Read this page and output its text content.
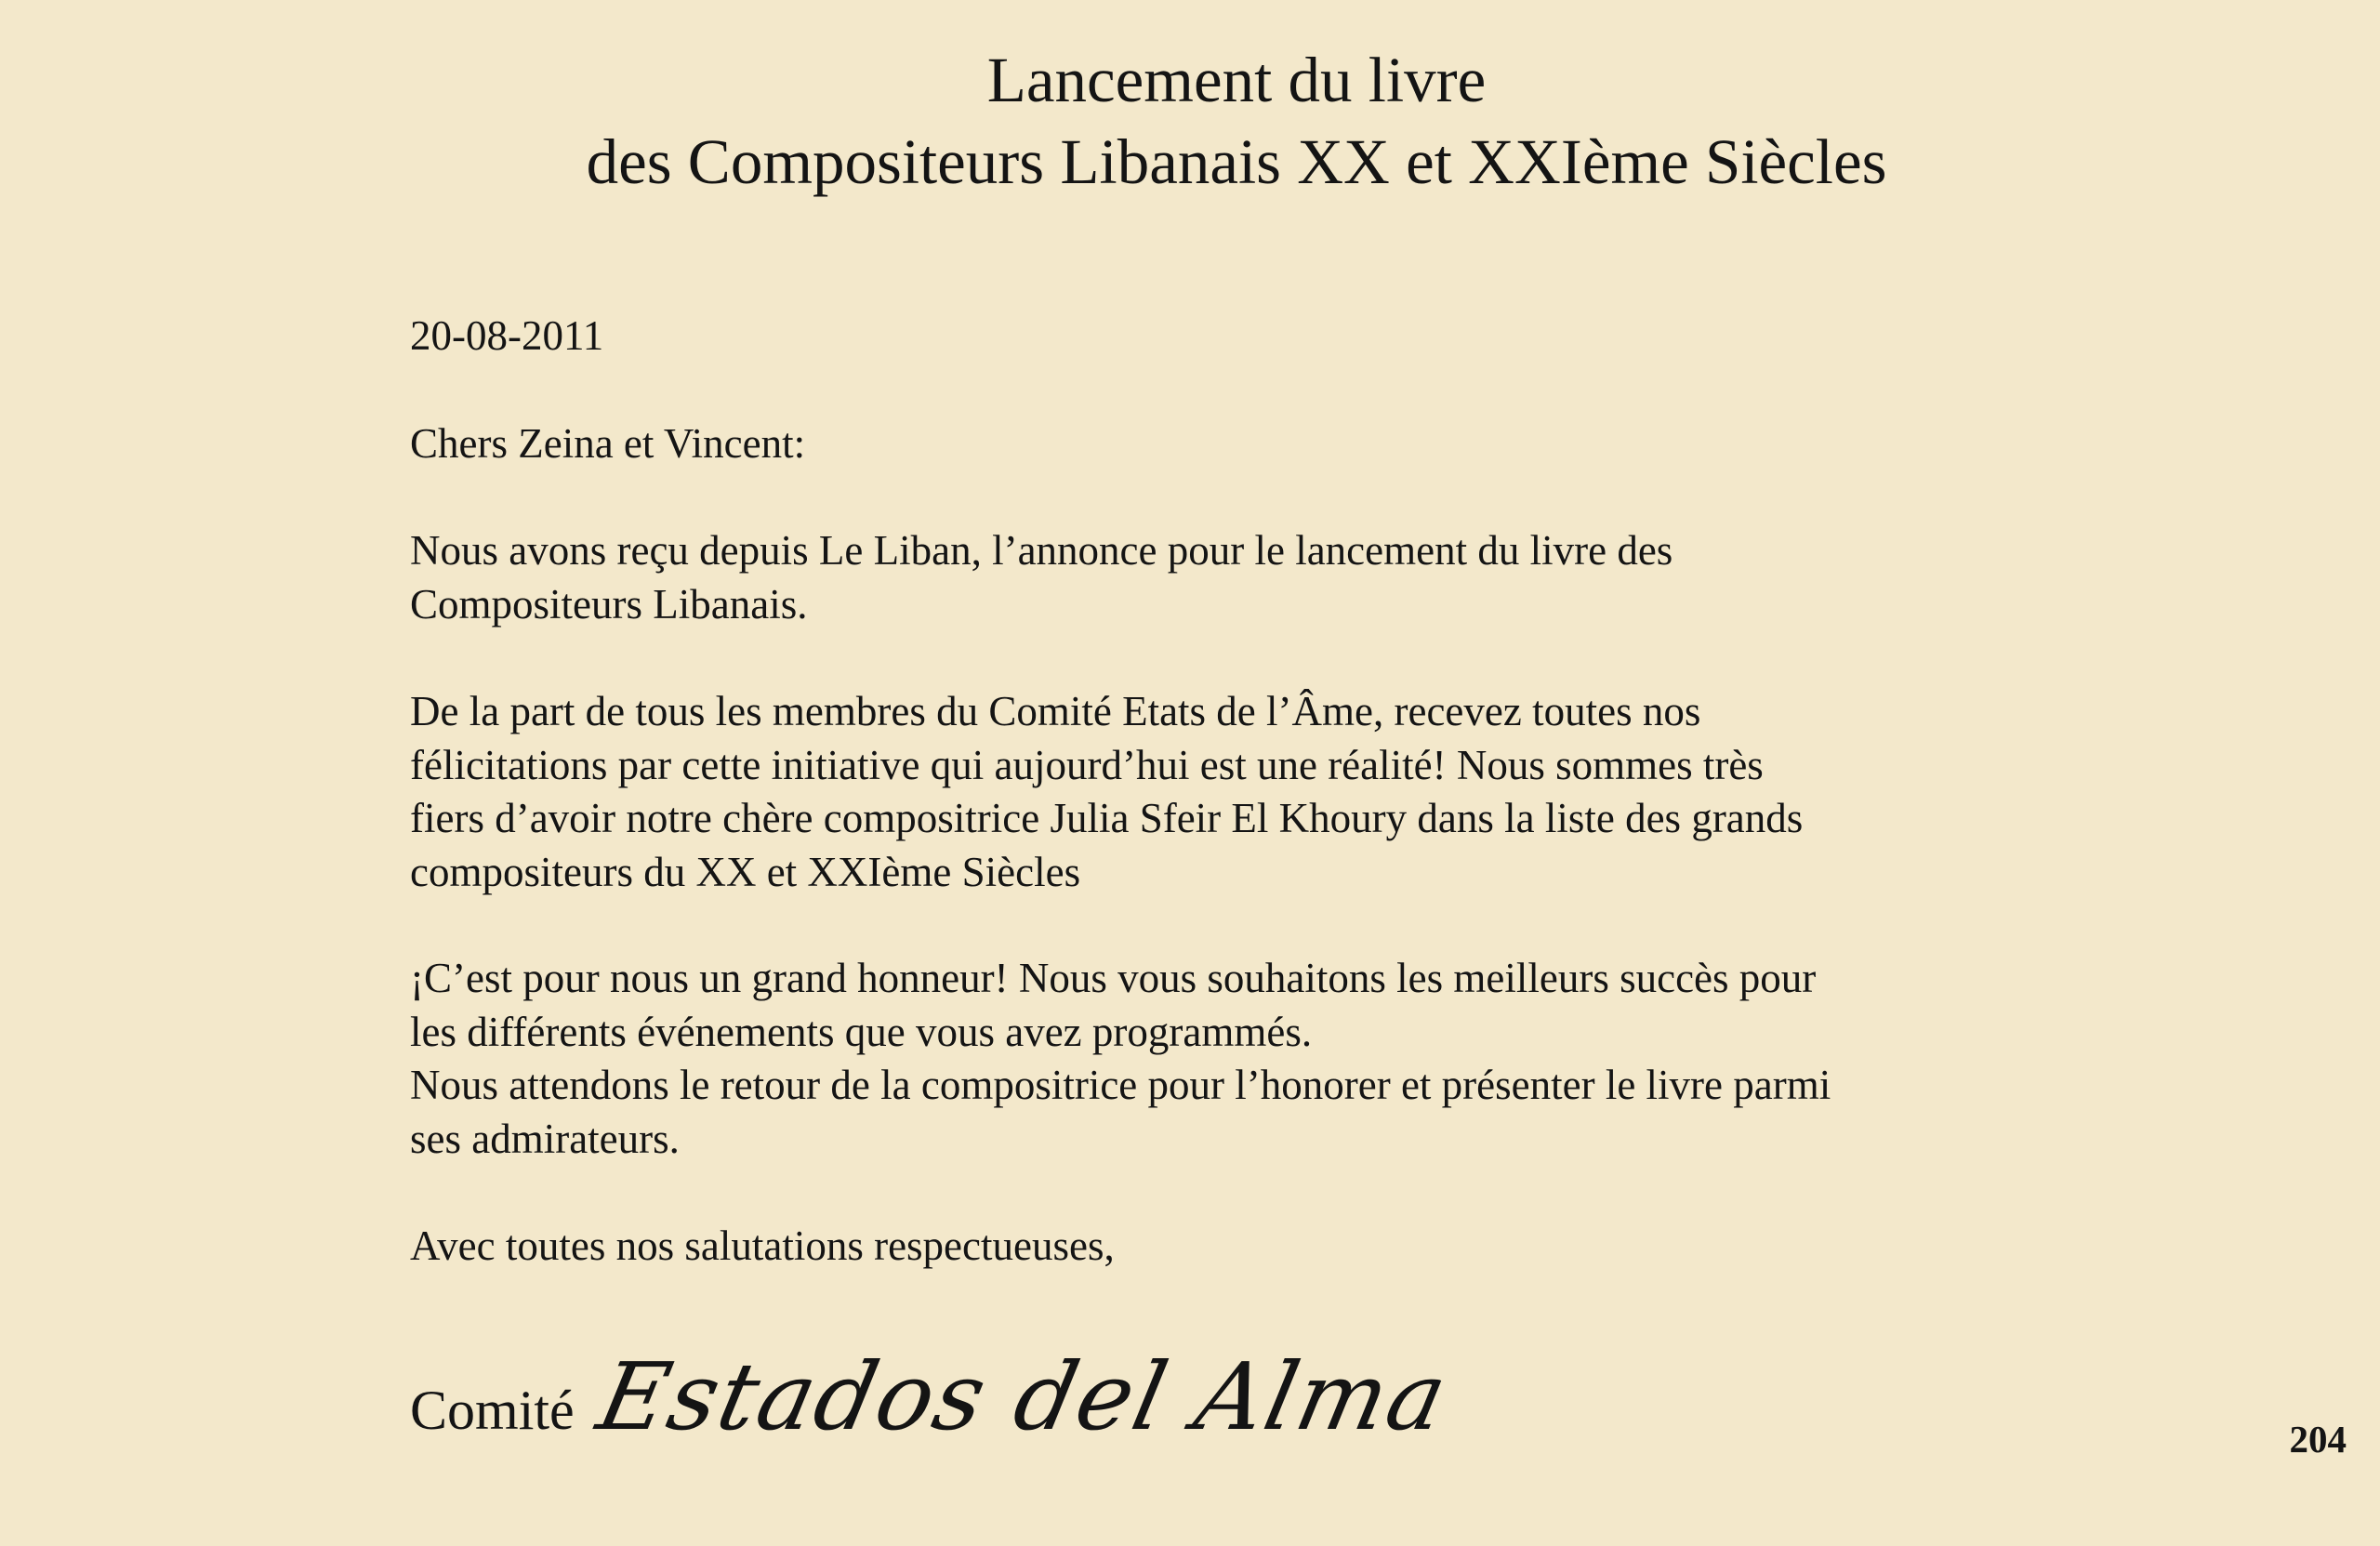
Lancement du livre
des Compositeurs Libanais XX et XXIème Siècles

20-08-2011

Chers Zeina et Vincent:

Nous avons reçu depuis Le Liban, l’annonce pour le lancement du livre des
Compositeurs Libanais.
De la part de tous les membres du Comité Etats de l’Âme, recevez toutes nos
félicitations par cette initiative qui aujourd’hui est une réalité! Nous sommes très
fiers d’avoir notre chère compositrice Julia Sfeir El Khoury dans la liste des grands
compositeurs du XX et XXIème Siècles
¡C’est pour nous un grand honneur! Nous vous souhaitons les meilleurs succès pour
les différents événements que vous avez programmés.
Nous attendons le retour de la compositrice pour l’honorer et présenter le livre parmi
ses admirateurs.

Avec toutes nos salutations respectueuses,

Comité Estados del Alma	204
